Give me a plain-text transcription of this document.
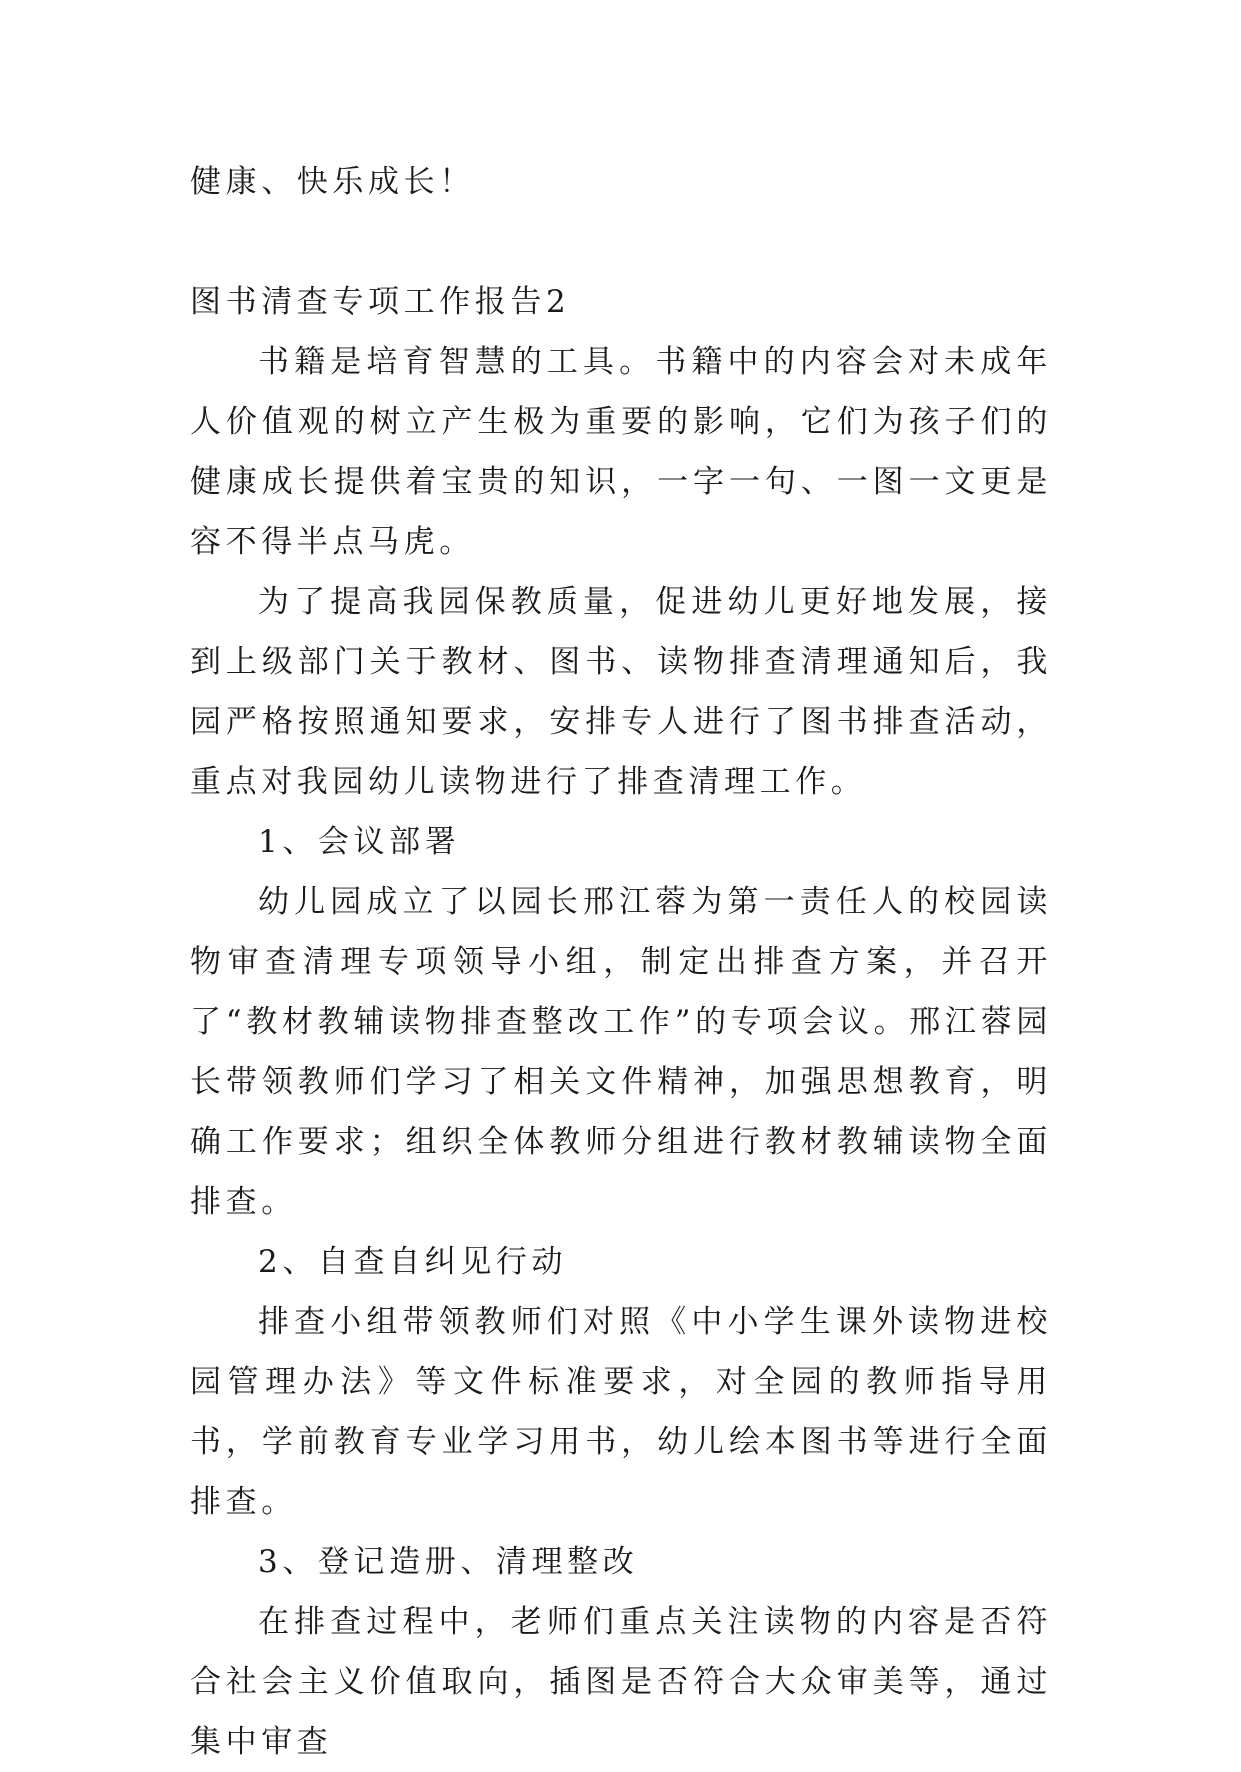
健康、快乐成长！

图书清查专项工作报告2

书籍是培育智慧的工具。书籍中的内容会对未成年人价值观的树立产生极为重要的影响，它们为孩子们的健康成长提供着宝贵的知识，一字一句、一图一文更是容不得半点马虎。

为了提高我园保教质量，促进幼儿更好地发展，接到上级部门关于教材、图书、读物排查清理通知后，我园严格按照通知要求，安排专人进行了图书排查活动，重点对我园幼儿读物进行了排查清理工作。

1、会议部署

幼儿园成立了以园长邢江蓉为第一责任人的校园读物审查清理专项领导小组，制定出排查方案，并召开了“教材教辅读物排查整改工作”的专项会议。邢江蓉园长带领教师们学习了相关文件精神，加强思想教育，明确工作要求；组织全体教师分组进行教材教辅读物全面排查。

2、自查自纠见行动

排查小组带领教师们对照《中小学生课外读物进校园管理办法》等文件标准要求，对全园的教师指导用书，学前教育专业学习用书，幼儿绘本图书等进行全面排查。

3、登记造册、清理整改

在排查过程中，老师们重点关注读物的内容是否符合社会主义价值取向，插图是否符合大众审美等，通过集中审查
